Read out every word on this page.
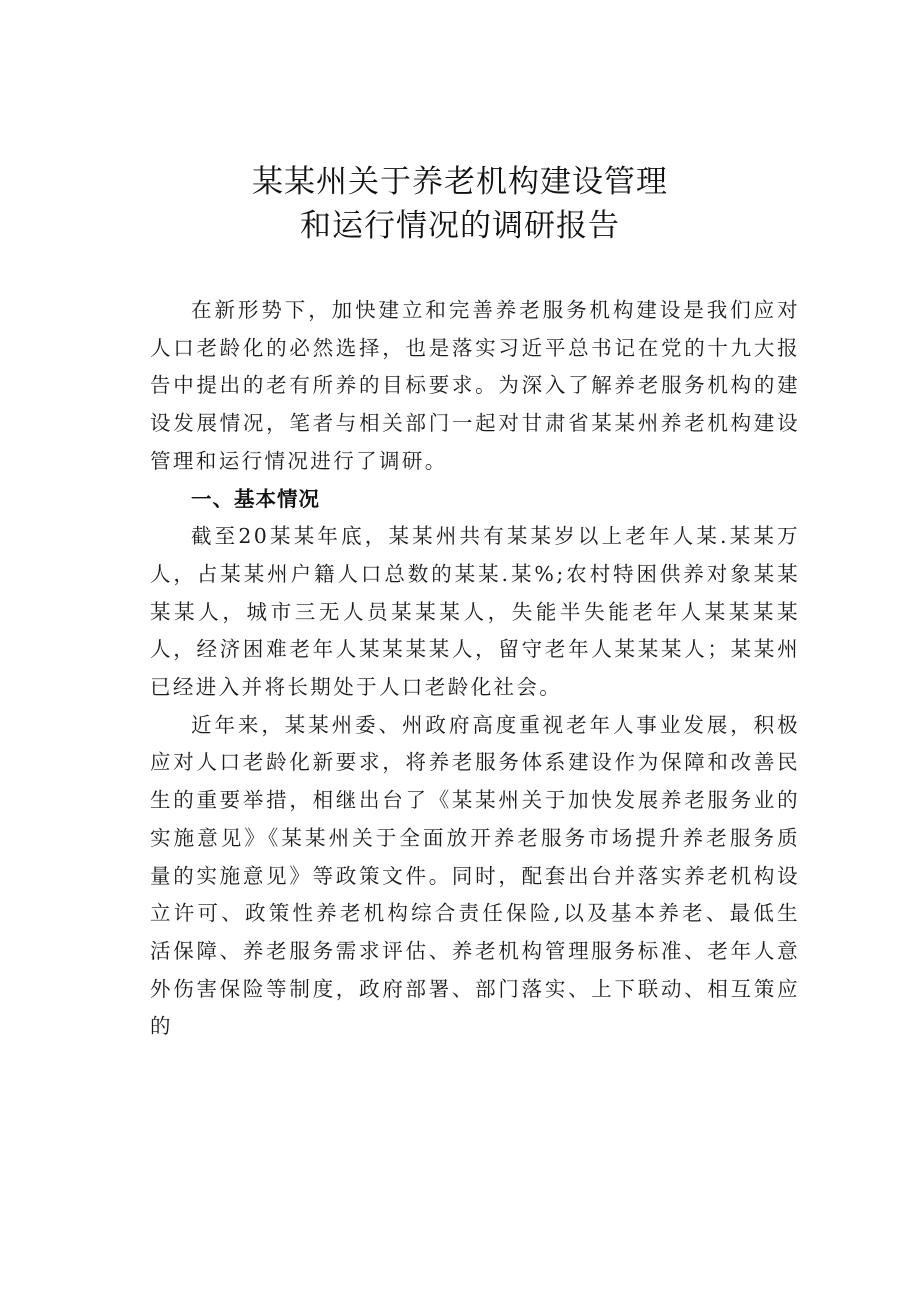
某某州关于养老机构建设管理
和运行情况的调研报告

在新形势下，加快建立和完善养老服务机构建设是我们应对人口老龄化的必然选择，也是落实习近平总书记在党的十九大报告中提出的老有所养的目标要求。为深入了解养老服务机构的建设发展情况，笔者与相关部门一起对甘肃省某某州养老机构建设管理和运行情况进行了调研。

一、基本情况

截至20某某年底，某某州共有某某岁以上老年人某.某某万人，占某某州户籍人口总数的某某.某%;农村特困供养对象某某某某人，城市三无人员某某某人，失能半失能老年人某某某某人，经济困难老年人某某某某人，留守老年人某某某人；某某州已经进入并将长期处于人口老龄化社会。

近年来，某某州委、州政府高度重视老年人事业发展，积极应对人口老龄化新要求，将养老服务体系建设作为保障和改善民生的重要举措，相继出台了《某某州关于加快发展养老服务业的实施意见》《某某州关于全面放开养老服务市场提升养老服务质量的实施意见》等政策文件。同时，配套出台并落实养老机构设立许可、政策性养老机构综合责任保险,以及基本养老、最低生活保障、养老服务需求评估、养老机构管理服务标准、老年人意外伤害保险等制度，政府部署、部门落实、上下联动、相互策应的
